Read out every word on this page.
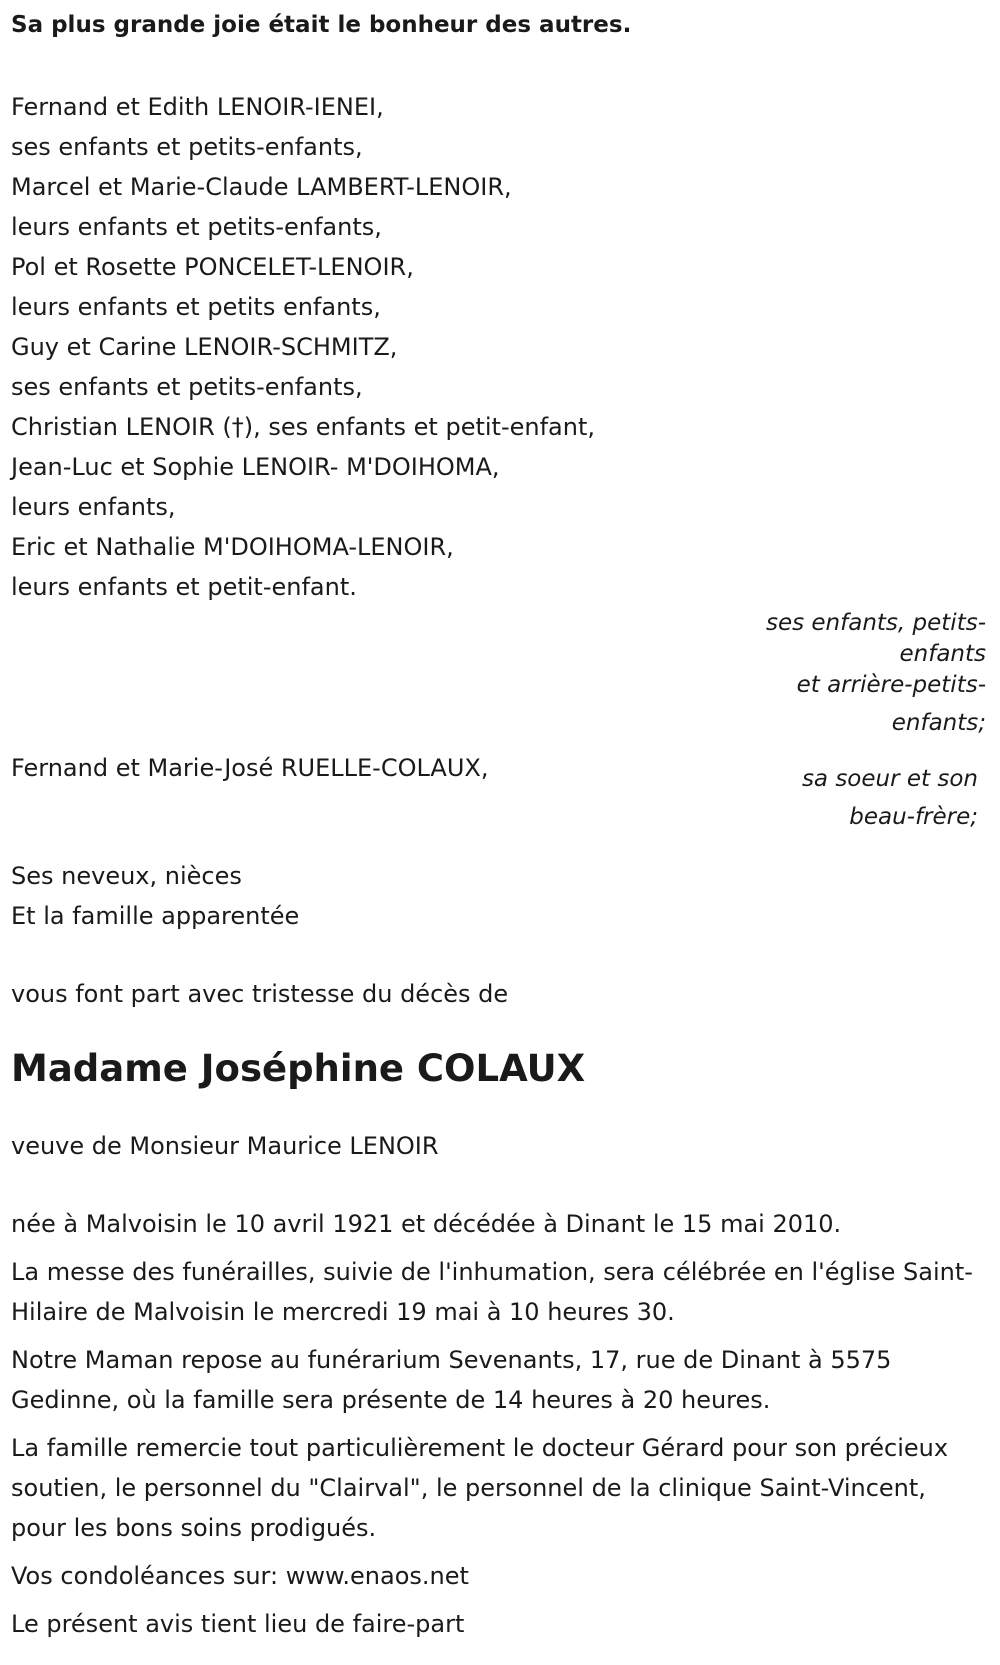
Sa plus grande joie était le bonheur des autres.

Fernand et Edith LENOIR-IENEI,

ses enfants et petits-enfants,

Marcel et Marie-Claude LAMBERT-LENOIR,

leurs enfants et petits-enfants,

Pol et Rosette PONCELET-LENOIR,

leurs enfants et petits enfants,

Guy et Carine LENOIR-SCHMITZ,

ses enfants et petits-enfants,

Christian LENOIR (†), ses enfants et petit-enfant,

Jean-Luc et Sophie LENOIR- M'DOIHOMA,

leurs enfants,

Eric et Nathalie M'DOIHOMA-LENOIR,

leurs enfants et petit-enfant.

ses enfants, petits-
enfants
et arrière-petits-
enfants;

Fernand et Marie-José RUELLE-COLAUX,	sa soeur et son
beau-frère;

Ses neveux, nièces

Et la famille apparentée

vous font part avec tristesse du décès de

Madame Joséphine COLAUX

veuve de Monsieur Maurice LENOIR

née à Malvoisin le 10 avril 1921 et décédée à Dinant le 15 mai 2010.

La messe des funérailles, suivie de l'inhumation, sera célébrée en l'église Saint-Hilaire de Malvoisin le mercredi 19 mai à 10 heures 30.

Notre Maman repose au funérarium Sevenants, 17, rue de Dinant à 5575 Gedinne, où la famille sera présente de 14 heures à 20 heures.

La famille remercie tout particulièrement le docteur Gérard pour son précieux soutien, le personnel du "Clairval", le personnel de la clinique Saint-Vincent, pour les bons soins prodigués.

Vos condoléances sur: www.enaos.net

Le présent avis tient lieu de faire-part
